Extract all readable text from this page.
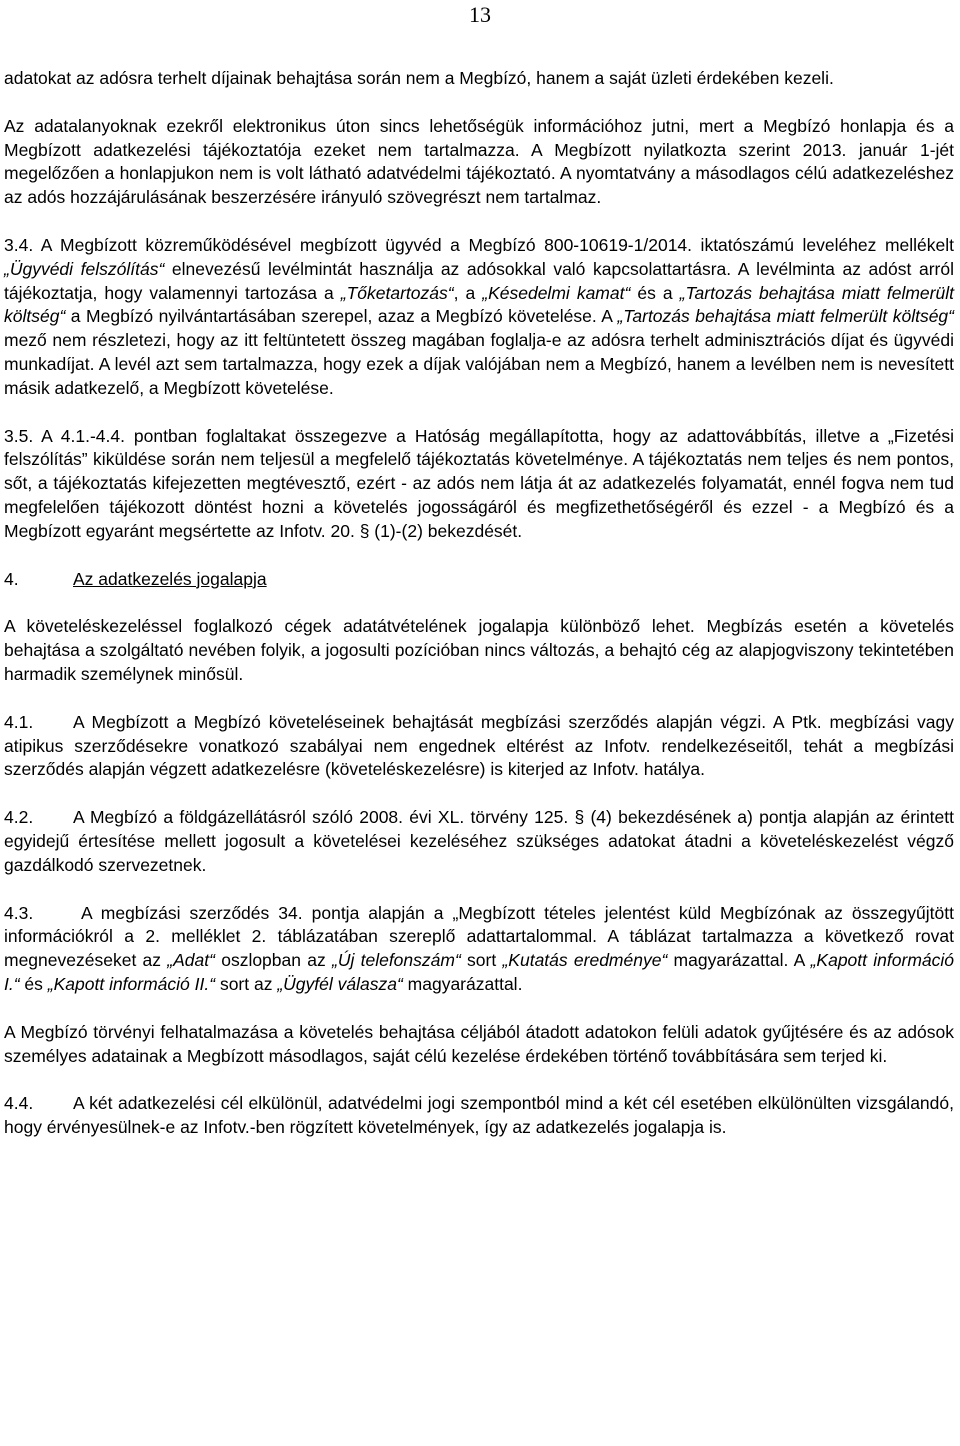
13

adatokat az adósra terhelt díjainak behajtása során nem a Megbízó, hanem a saját üzleti érdekében kezeli.

Az adatalanyoknak ezekről elektronikus úton sincs lehetőségük információhoz jutni, mert a Megbízó honlapja és a Megbízott adatkezelési tájékoztatója ezeket nem tartalmazza. A Megbízott nyilatkozta szerint 2013. január 1-jét megelőzően a honlapjukon nem is volt látható adatvédelmi tájékoztató. A nyomtatvány a másodlagos célú adatkezeléshez az adós hozzájárulásának beszerzésére irányuló szövegrészt nem tartalmaz.

3.4. A Megbízott közreműködésével megbízott ügyvéd a Megbízó 800-10619-1/2014. iktatószámú leveléhez mellékelt „Ügyvédi felszólítás“ elnevezésű levélmintát használja az adósokkal való kapcsolattartásra. A levélminta az adóst arról tájékoztatja, hogy valamennyi tartozása a „Tőketartozás“, a „Késedelmi kamat“ és a „Tartozás behajtása miatt felmerült költség“ a Megbízó nyilvántartásában szerepel, azaz a Megbízó követelése. A „Tartozás behajtása miatt felmerült költség“ mező nem részletezi, hogy az itt feltüntetett összeg magában foglalja-e az adósra terhelt adminisztrációs díjat és ügyvédi munkadíjat. A levél azt sem tartalmazza, hogy ezek a díjak valójában nem a Megbízó, hanem a levélben nem is nevesített másik adatkezelő, a Megbízott követelése.

3.5. A 4.1.-4.4. pontban foglaltakat összegezve a Hatóság megállapította, hogy az adattovábbítás, illetve a „Fizetési felszólítás” kiküldése során nem teljesül a megfelelő tájékoztatás követelménye. A tájékoztatás nem teljes és nem pontos, sőt, a tájékoztatás kifejezetten megtévesztő, ezért - az adós nem látja át az adatkezelés folyamatát, ennél fogva nem tud megfelelően tájékozott döntést hozni a követelés jogosságáról és megfizethetőségéről és ezzel - a Megbízó és a Megbízott egyaránt megsértette az Infotv. 20. § (1)-(2) bekezdését.

4.	Az adatkezelés jogalapja

A követeléskezeléssel foglalkozó cégek adatátvételének jogalapja különböző lehet. Megbízás esetén a követelés behajtása a szolgáltató nevében folyik, a jogosulti pozícióban nincs változás, a behajtó cég az alapjogviszony tekintetében harmadik személynek minősül.

4.1. A Megbízott a Megbízó követeléseinek behajtását megbízási szerződés alapján végzi. A Ptk. megbízási vagy atipikus szerződésekre vonatkozó szabályai nem engednek eltérést az Infotv. rendelkezéseitől, tehát a megbízási szerződés alapján végzett adatkezelésre (követeléskezelésre) is kiterjed az Infotv. hatálya.

4.2. A Megbízó a földgázellátásról szóló 2008. évi XL. törvény 125. § (4) bekezdésének a) pontja alapján az érintett egyidejű értesítése mellett jogosult a követelései kezeléséhez szükséges adatokat átadni a követeléskezelést végző gazdálkodó szervezetnek.

4.3. A megbízási szerződés 34. pontja alapján a „Megbízott tételes jelentést küld Megbízónak az összegyűjtött információkról a 2. melléklet 2. táblázatában szereplő adattartalommal. A táblázat tartalmazza a következő rovat megnevezéseket az „Adat“ oszlopban az „Új telefonszám“ sort „Kutatás eredménye“ magyarázattal. A „Kapott információ I.“ és „Kapott információ II.“ sort az „Ügyfél válasza“ magyarázattal.

A Megbízó törvényi felhatalmazása a követelés behajtása céljából átadott adatokon felüli adatok gyűjtésére és az adósok személyes adatainak a Megbízott másodlagos, saját célú kezelése érdekében történő továbbítására sem terjed ki.

4.4. A két adatkezelési cél elkülönül, adatvédelmi jogi szempontból mind a két cél esetében elkülönülten vizsgálandó, hogy érvényesülnek-e az Infotv.-ben rögzített követelmények, így az adatkezelés jogalapja is.
